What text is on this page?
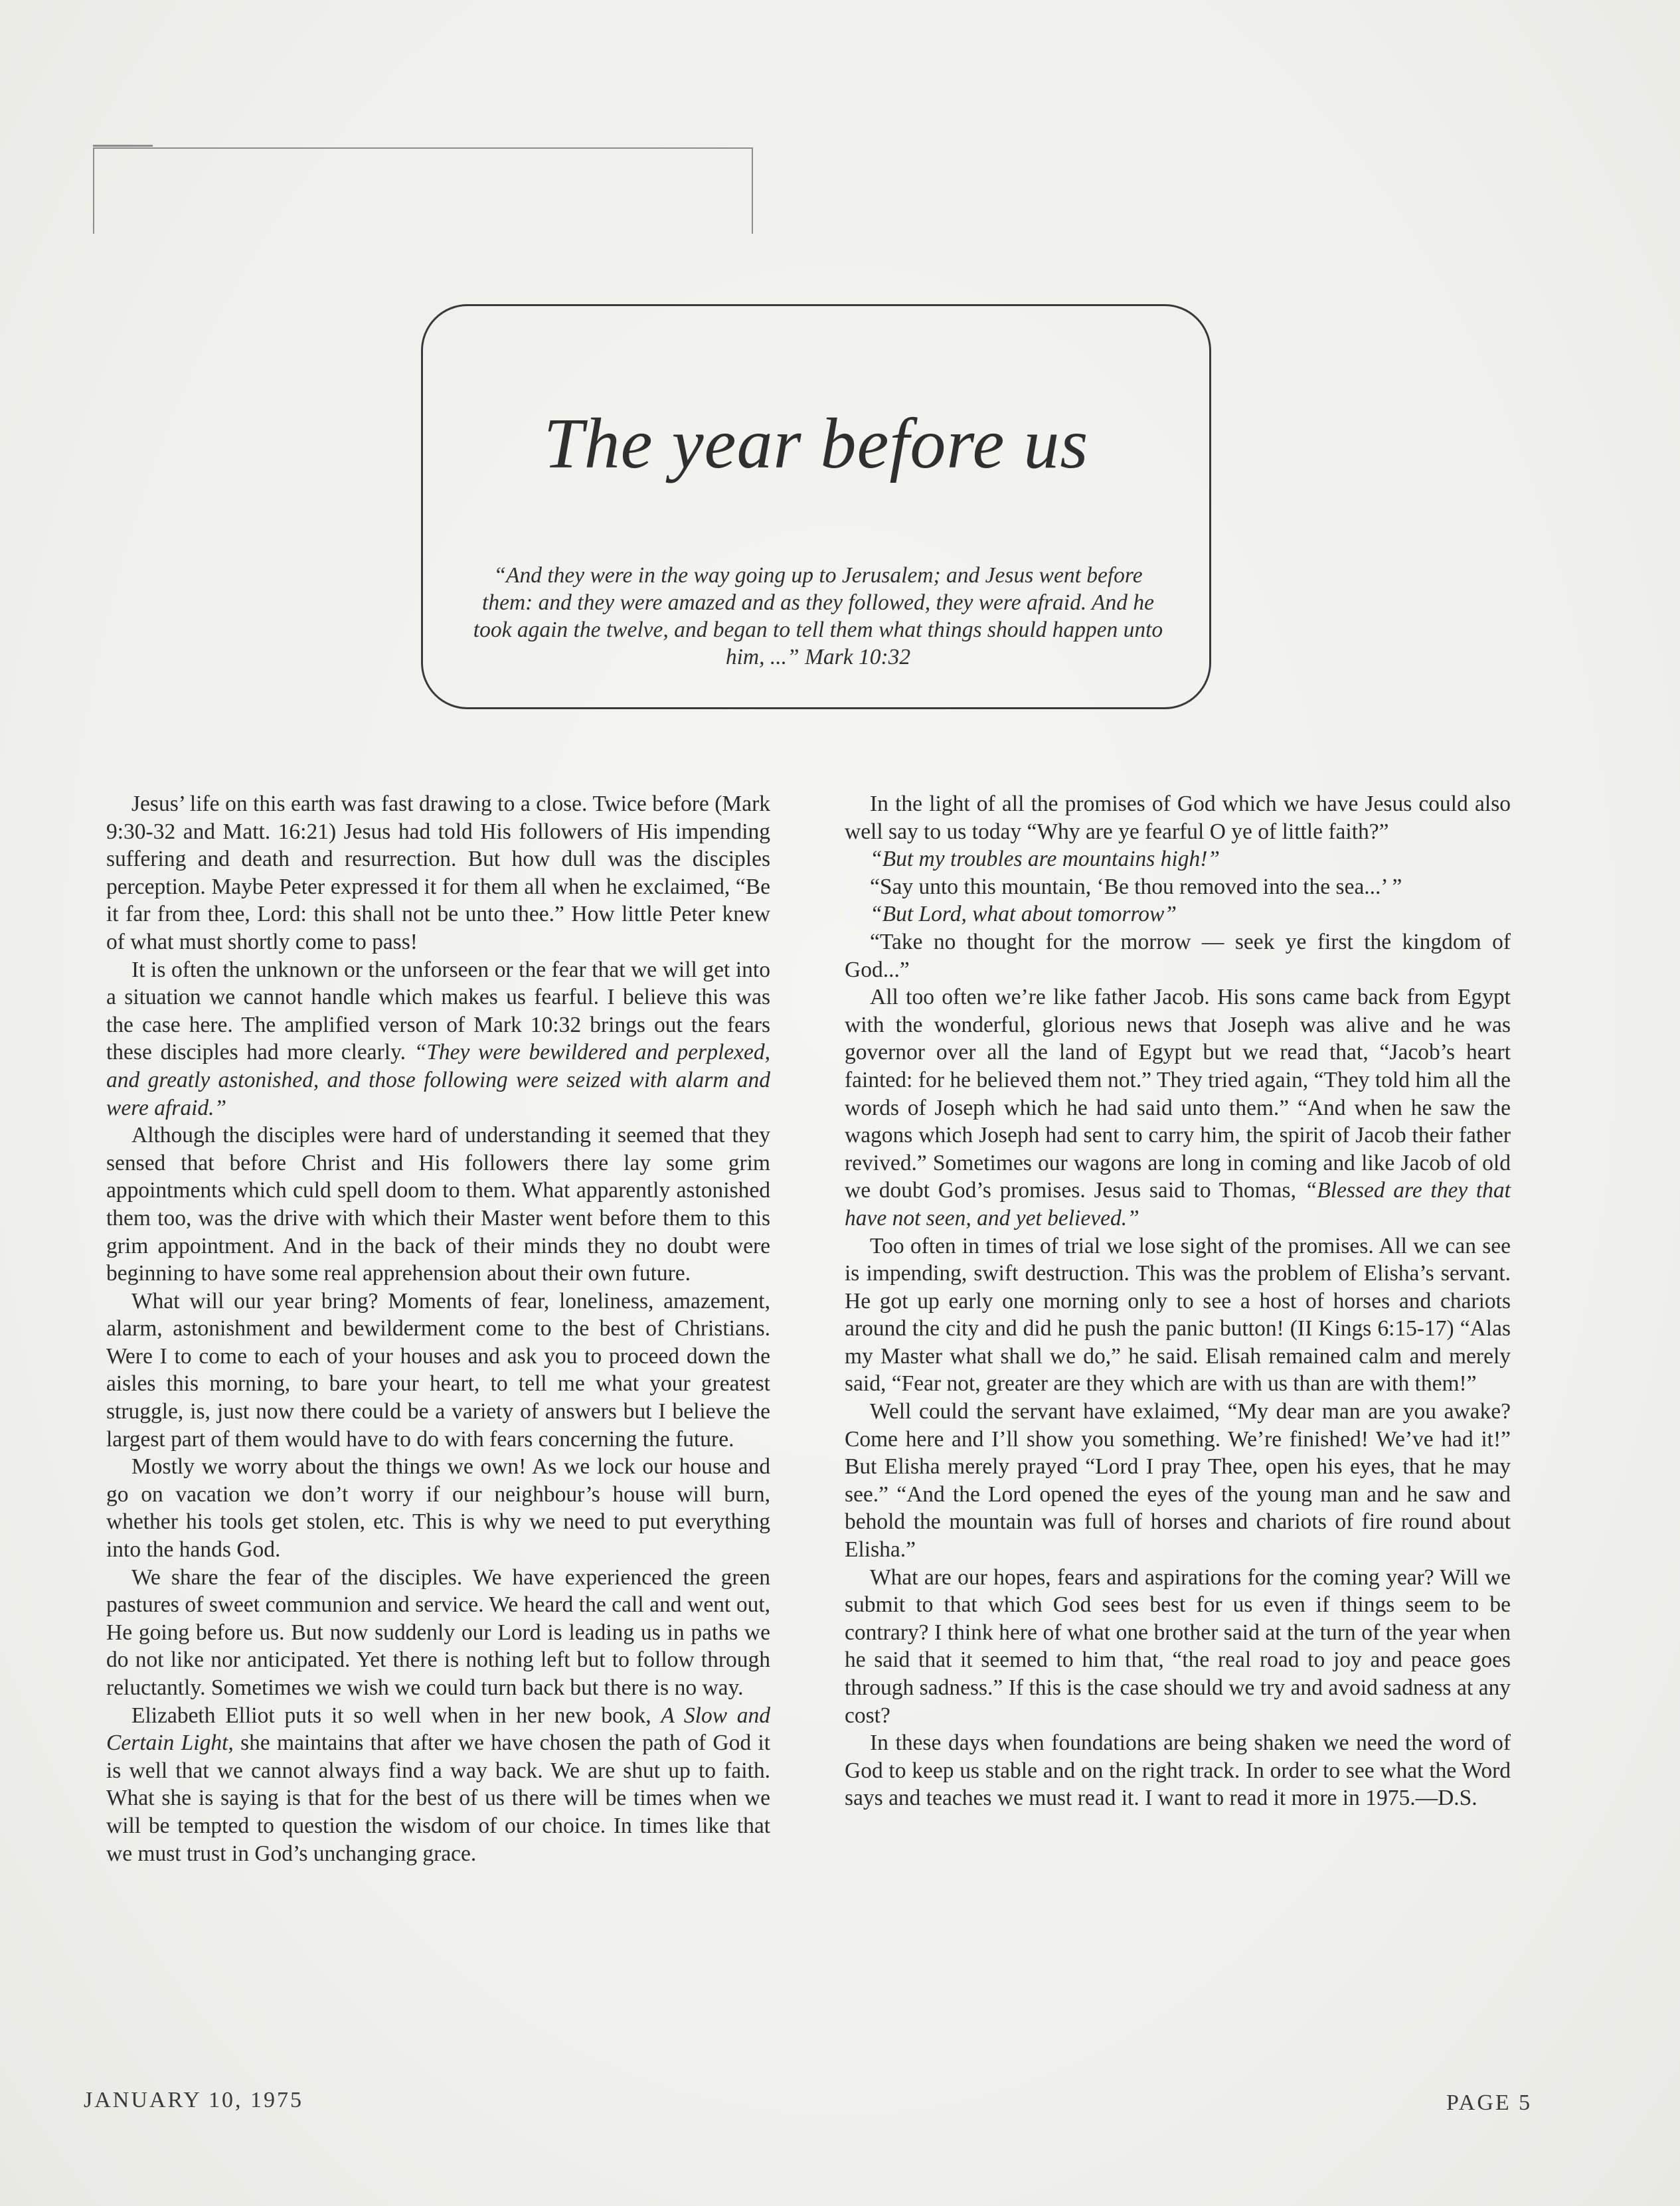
The year before us
“And they were in the way going up to Jerusalem; and Jesus went before them: and they were amazed and as they followed, they were afraid. And he took again the twelve, and began to tell them what things should happen unto him, ...” Mark 10:32

Jesus’ life on this earth was fast drawing to a close. Twice before (Mark 9:30-32 and Matt. 16:21) Jesus had told His followers of His impending suffering and death and resurrection. But how dull was the disciples perception. Maybe Peter expressed it for them all when he exclaimed, “Be it far from thee, Lord: this shall not be unto thee.” How little Peter knew of what must shortly come to pass!

It is often the unknown or the unforseen or the fear that we will get into a situation we cannot handle which makes us fearful. I believe this was the case here. The amplified verson of Mark 10:32 brings out the fears these disciples had more clearly. “They were bewildered and perplexed, and greatly astonished, and those following were seized with alarm and were afraid.”

Although the disciples were hard of understanding it seemed that they sensed that before Christ and His followers there lay some grim appointments which culd spell doom to them. What apparently astonished them too, was the drive with which their Master went before them to this grim appointment. And in the back of their minds they no doubt were beginning to have some real apprehension about their own future.

What will our year bring? Moments of fear, loneliness, amazement, alarm, astonishment and bewilderment come to the best of Christians. Were I to come to each of your houses and ask you to proceed down the aisles this morning, to bare your heart, to tell me what your greatest struggle, is, just now there could be a variety of answers but I believe the largest part of them would have to do with fears concerning the future.

Mostly we worry about the things we own! As we lock our house and go on vacation we don’t worry if our neighbour’s house will burn, whether his tools get stolen, etc. This is why we need to put everything into the hands God.

We share the fear of the disciples. We have experienced the green pastures of sweet communion and service. We heard the call and went out, He going before us. But now suddenly our Lord is leading us in paths we do not like nor anticipated. Yet there is nothing left but to follow through reluctantly. Sometimes we wish we could turn back but there is no way.

Elizabeth Elliot puts it so well when in her new book, A Slow and Certain Light, she maintains that after we have chosen the path of God it is well that we cannot always find a way back. We are shut up to faith. What she is saying is that for the best of us there will be times when we will be tempted to question the wisdom of our choice. In times like that we must trust in God’s unchanging grace.

In the light of all the promises of God which we have Jesus could also well say to us today “Why are ye fearful O ye of little faith?”

“But my troubles are mountains high!”

“Say unto this mountain, ‘Be thou removed into the sea...’ ”

“But Lord, what about tomorrow”

“Take no thought for the morrow — seek ye first the kingdom of God...”

All too often we’re like father Jacob. His sons came back from Egypt with the wonderful, glorious news that Joseph was alive and he was governor over all the land of Egypt but we read that, “Jacob’s heart fainted: for he believed them not.” They tried again, “They told him all the words of Joseph which he had said unto them.” “And when he saw the wagons which Joseph had sent to carry him, the spirit of Jacob their father revived.” Sometimes our wagons are long in coming and like Jacob of old we doubt God’s promises. Jesus said to Thomas, “Blessed are they that have not seen, and yet believed.”

Too often in times of trial we lose sight of the promises. All we can see is impending, swift destruction. This was the problem of Elisha’s servant. He got up early one morning only to see a host of horses and chariots around the city and did he push the panic button! (II Kings 6:15-17) “Alas my Master what shall we do,” he said. Elisah remained calm and merely said, “Fear not, greater are they which are with us than are with them!”

Well could the servant have exlaimed, “My dear man are you awake? Come here and I’ll show you something. We’re finished! We’ve had it!” But Elisha merely prayed “Lord I pray Thee, open his eyes, that he may see.” “And the Lord opened the eyes of the young man and he saw and behold the mountain was full of horses and chariots of fire round about Elisha.”

What are our hopes, fears and aspirations for the coming year? Will we submit to that which God sees best for us even if things seem to be contrary? I think here of what one brother said at the turn of the year when he said that it seemed to him that, “the real road to joy and peace goes through sadness.” If this is the case should we try and avoid sadness at any cost?

In these days when foundations are being shaken we need the word of God to keep us stable and on the right track. In order to see what the Word says and teaches we must read it. I want to read it more in 1975.—D.S.

JANUARY 10, 1975	PAGE 5
